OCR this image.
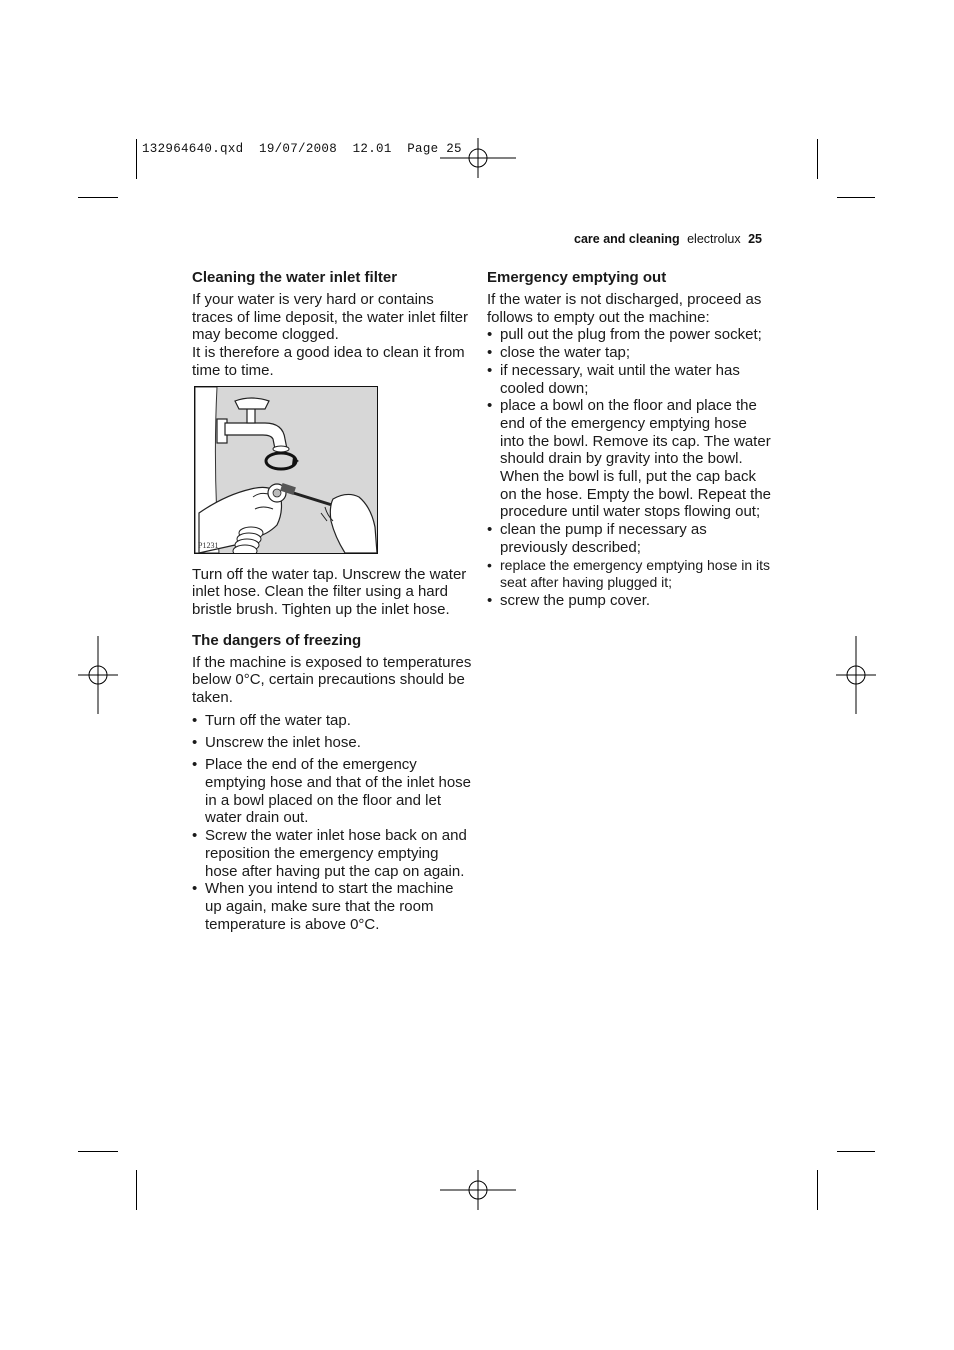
132964640.qxd  19/07/2008  12.01  Page 25
care and cleaning electrolux 25
Cleaning the water inlet filter

If your water is very hard or contains traces of lime deposit, the water inlet filter may become clogged.

It is therefore a good idea to clean it from time to time.

P1231

Turn off the water tap. Unscrew the water inlet hose. Clean the filter using a hard bristle brush. Tighten up the inlet hose.

The dangers of freezing

If the machine is exposed to temperatures below 0°C, certain precautions should be taken.

• Turn off the water tap.
• Unscrew the inlet hose.
• Place the end of the emergency emptying hose and that of the inlet hose in a bowl placed on the floor and let water drain out.
• Screw the water inlet hose back on and reposition the emergency emptying hose after having put the cap on again.
• When you intend to start the machine up again, make sure that the room temperature is above 0°C.
Emergency emptying out

If the water is not discharged, proceed as follows to empty out the machine:

• pull out the plug from the power socket;
• close the water tap;
• if necessary, wait until the water has cooled down;
• place a bowl on the floor and place the end of the emergency emptying hose into the bowl. Remove its cap. The water should drain by gravity into the bowl. When the bowl is full, put the cap back on the hose. Empty the bowl. Repeat the procedure until water stops flowing out;
• clean the pump if necessary as previously described;
• replace the emergency emptying hose in its seat after having plugged it;
• screw the pump cover.
